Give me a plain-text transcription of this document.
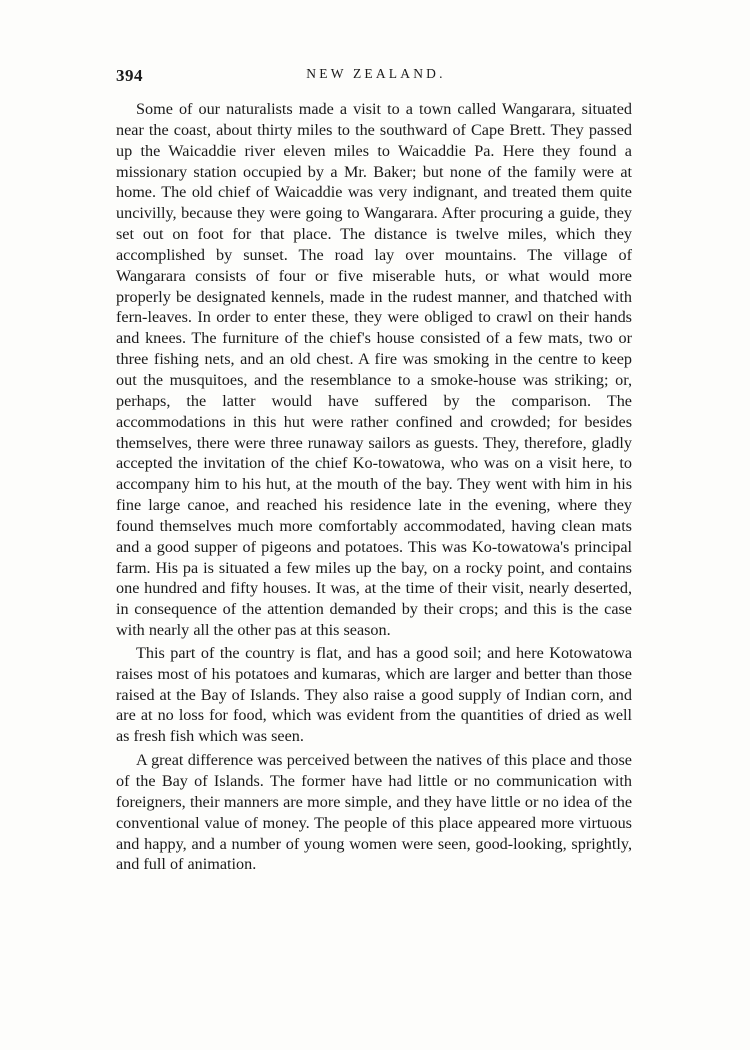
394	NEW ZEALAND.

Some of our naturalists made a visit to a town called Wangarara, situated near the coast, about thirty miles to the southward of Cape Brett. They passed up the Waicaddie river eleven miles to Waicaddie Pa. Here they found a missionary station occupied by a Mr. Baker; but none of the family were at home. The old chief of Waicaddie was very indignant, and treated them quite uncivilly, because they were going to Wangarara. After procuring a guide, they set out on foot for that place. The distance is twelve miles, which they accomplished by sunset. The road lay over mountains. The village of Wangarara consists of four or five miserable huts, or what would more properly be designated kennels, made in the rudest manner, and thatched with fern-leaves. In order to enter these, they were obliged to crawl on their hands and knees. The furniture of the chief's house consisted of a few mats, two or three fishing nets, and an old chest. A fire was smoking in the centre to keep out the musquitoes, and the resemblance to a smoke-house was striking; or, perhaps, the latter would have suffered by the comparison. The accommodations in this hut were rather confined and crowded; for besides themselves, there were three runaway sailors as guests. They, therefore, gladly accepted the invitation of the chief Ko-towatowa, who was on a visit here, to accompany him to his hut, at the mouth of the bay. They went with him in his fine large canoe, and reached his residence late in the evening, where they found themselves much more comfortably accommodated, having clean mats and a good supper of pigeons and potatoes. This was Ko-towatowa's principal farm. His pa is situated a few miles up the bay, on a rocky point, and contains one hundred and fifty houses. It was, at the time of their visit, nearly deserted, in consequence of the attention demanded by their crops; and this is the case with nearly all the other pas at this season.

This part of the country is flat, and has a good soil; and here Kotowatowa raises most of his potatoes and kumaras, which are larger and better than those raised at the Bay of Islands. They also raise a good supply of Indian corn, and are at no loss for food, which was evident from the quantities of dried as well as fresh fish which was seen.

A great difference was perceived between the natives of this place and those of the Bay of Islands. The former have had little or no communication with foreigners, their manners are more simple, and they have little or no idea of the conventional value of money. The people of this place appeared more virtuous and happy, and a number of young women were seen, good-looking, sprightly, and full of animation.
